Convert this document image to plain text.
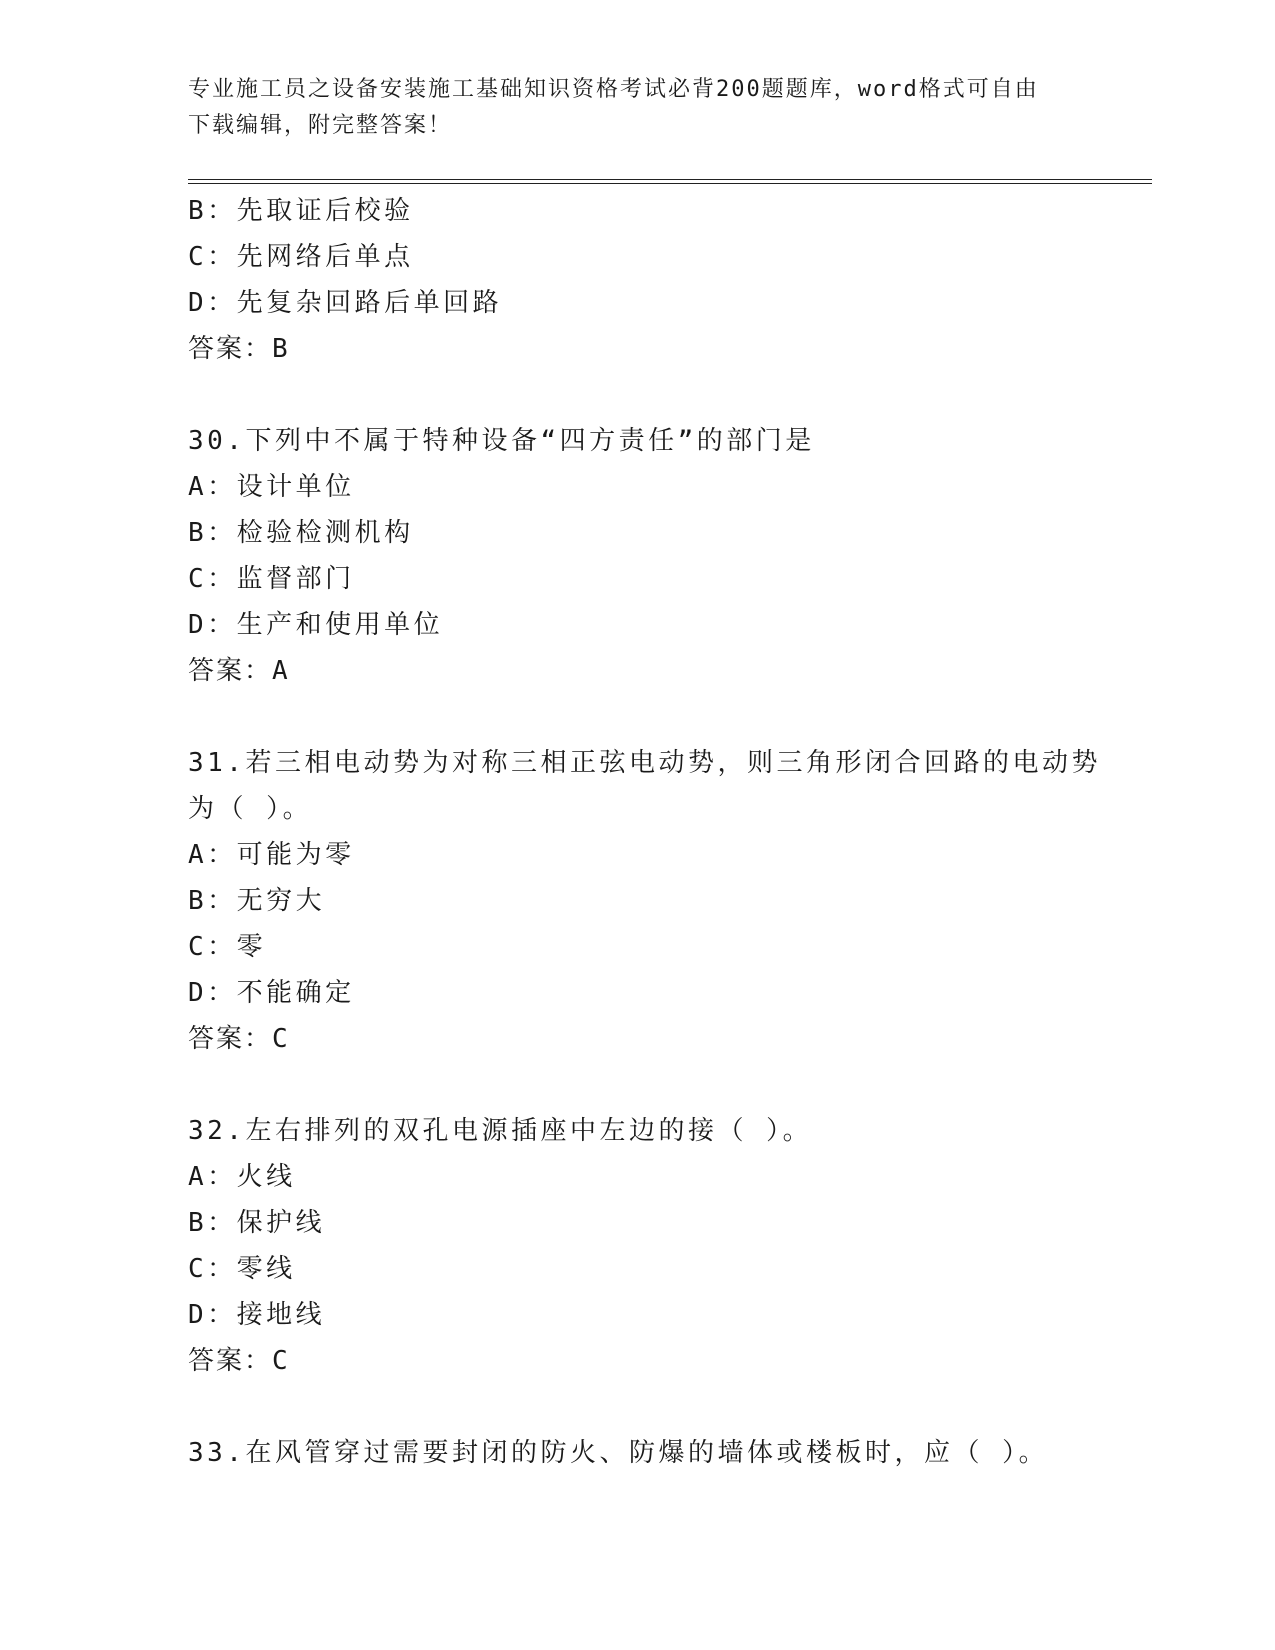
专业施工员之设备安装施工基础知识资格考试必背200题题库，word格式可自由
下载编辑，附完整答案！
B：先取证后校验
C：先网络后单点
D：先复杂回路后单回路
答案：B
30.下列中不属于特种设备“四方责任”的部门是
A：设计单位
B：检验检测机构
C：监督部门
D：生产和使用单位
答案：A
31.若三相电动势为对称三相正弦电动势，则三角形闭合回路的电动势
为（ ）。
A：可能为零
B：无穷大
C：零
D：不能确定
答案：C
32.左右排列的双孔电源插座中左边的接（ ）。
A：火线
B：保护线
C：零线
D：接地线
答案：C
33.在风管穿过需要封闭的防火、防爆的墙体或楼板时，应（ ）。
